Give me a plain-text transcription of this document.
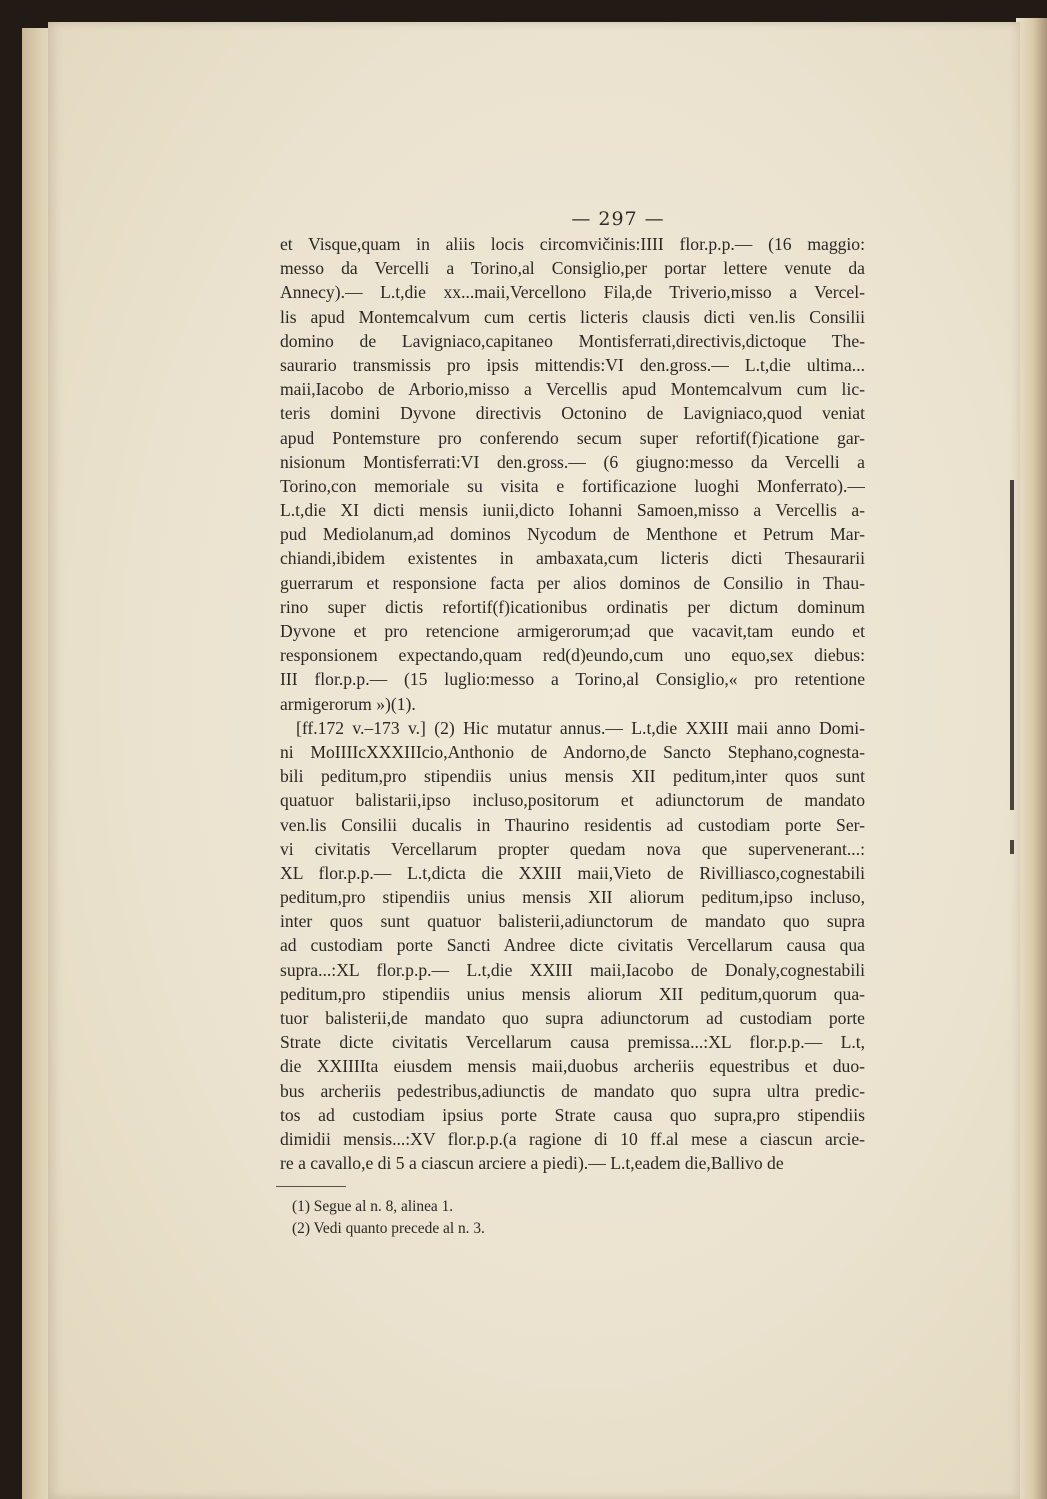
— 297 —
et Visque,quam in aliis locis circomvičinis:IIII flor.p.p.— (16 maggio:
messo da Vercelli a Torino,al Consiglio,per portar lettere venute da
Annecy).— L.t,die xx...maii,Vercellono Fila,de Triverio,misso a Vercel-
lis apud Montemcalvum cum certis licteris clausis dicti ven.lis Consilii
domino de Lavigniaco,capitaneo Montisferrati,directivis,dictoque The-
saurario transmissis pro ipsis mittendis:VI den.gross.— L.t,die ultima...
maii,Iacobo de Arborio,misso a Vercellis apud Montemcalvum cum lic-
teris domini Dyvone directivis Octonino de Lavigniaco,quod veniat
apud Pontemsture pro conferendo secum super refortif(f)icatione gar-
nisionum Montisferrati:VI den.gross.— (6 giugno:messo da Vercelli a
Torino,con memoriale su visita e fortificazione luoghi Monferrato).—
L.t,die XI dicti mensis iunii,dicto Iohanni Samoen,misso a Vercellis a-
pud Mediolanum,ad dominos Nycodum de Menthone et Petrum Mar-
chiandi,ibidem existentes in ambaxata,cum licteris dicti Thesaurarii
guerrarum et responsione facta per alios dominos de Consilio in Thau-
rino super dictis refortif(f)icationibus ordinatis per dictum dominum
Dyvone et pro retencione armigerorum;ad que vacavit,tam eundo et
responsionem expectando,quam red(d)eundo,cum uno equo,sex diebus:
III flor.p.p.— (15 luglio:messo a Torino,al Consiglio,« pro retentione
armigerorum »)(1).
[ff.172 v.–173 v.] (2) Hic mutatur annus.— L.t,die XXIII maii anno Domi-
ni MoIIIIcXXXIIIcio,Anthonio de Andorno,de Sancto Stephano,cognesta-
bili peditum,pro stipendiis unius mensis XII peditum,inter quos sunt
quatuor balistarii,ipso incluso,positorum et adiunctorum de mandato
ven.lis Consilii ducalis in Thaurino residentis ad custodiam porte Ser-
vi civitatis Vercellarum propter quedam nova que supervenerant...:
XL flor.p.p.— L.t,dicta die XXIII maii,Vieto de Rivilliasco,cognestabili
peditum,pro stipendiis unius mensis XII aliorum peditum,ipso incluso,
inter quos sunt quatuor balisterii,adiunctorum de mandato quo supra
ad custodiam porte Sancti Andree dicte civitatis Vercellarum causa qua
supra...:XL flor.p.p.— L.t,die XXIII maii,Iacobo de Donaly,cognestabili
peditum,pro stipendiis unius mensis aliorum XII peditum,quorum qua-
tuor balisterii,de mandato quo supra adiunctorum ad custodiam porte
Strate dicte civitatis Vercellarum causa premissa...:XL flor.p.p.— L.t,
die XXIIIIta eiusdem mensis maii,duobus archeriis equestribus et duo-
bus archeriis pedestribus,adiunctis de mandato quo supra ultra predic-
tos ad custodiam ipsius porte Strate causa quo supra,pro stipendiis
dimidii mensis...:XV flor.p.p.(a ragione di 10 ff.al mese a ciascun arcie-
re a cavallo,e di 5 a ciascun arciere a piedi).— L.t,eadem die,Ballivo de
(1) Segue al n. 8, alinea 1.
(2) Vedi quanto precede al n. 3.
